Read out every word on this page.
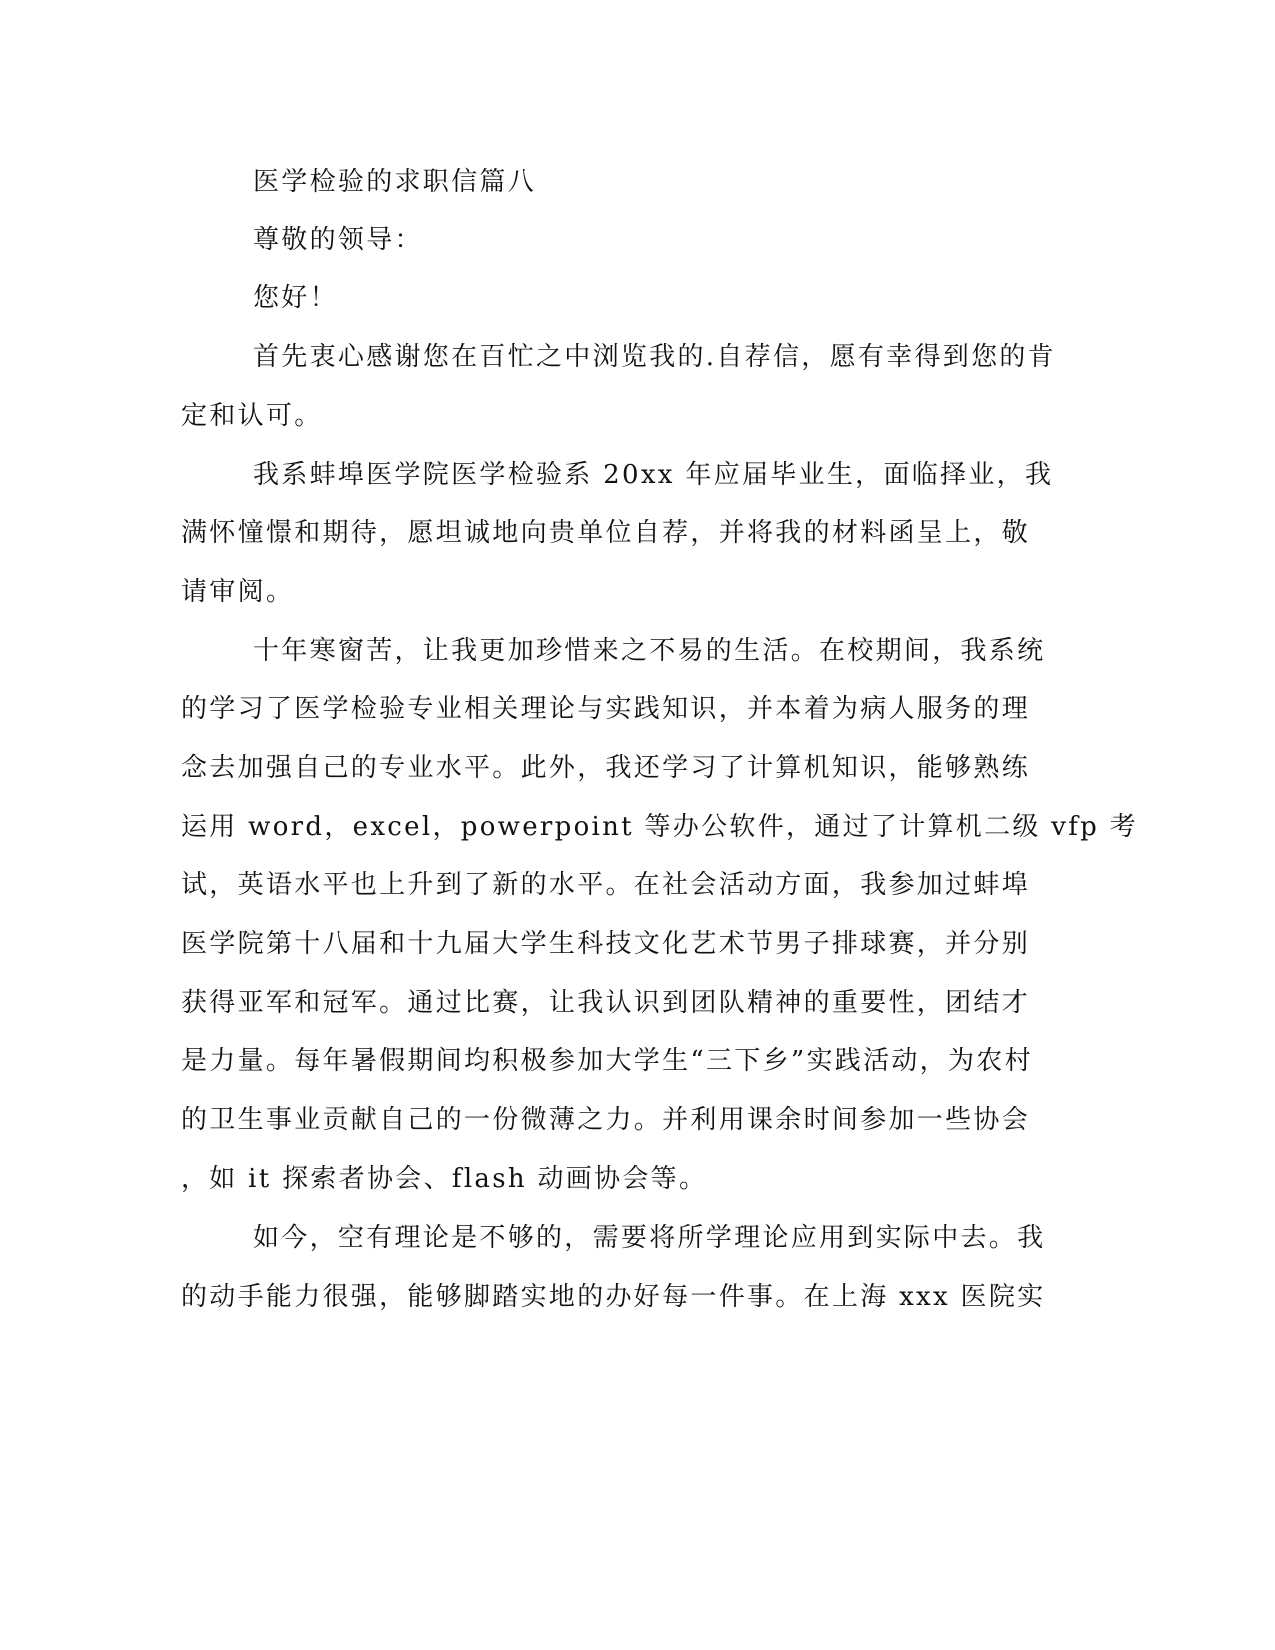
医学检验的求职信篇八

尊敬的领导：

您好！

首先衷心感谢您在百忙之中浏览我的.自荐信，愿有幸得到您的肯

定和认可。

我系蚌埠医学院医学检验系 20xx 年应届毕业生，面临择业，我

满怀憧憬和期待，愿坦诚地向贵单位自荐，并将我的材料函呈上，敬

请审阅。

十年寒窗苦，让我更加珍惜来之不易的生活。在校期间，我系统

的学习了医学检验专业相关理论与实践知识，并本着为病人服务的理

念去加强自己的专业水平。此外，我还学习了计算机知识，能够熟练

运用 word，excel，powerpoint 等办公软件，通过了计算机二级 vfp 考

试，英语水平也上升到了新的水平。在社会活动方面，我参加过蚌埠

医学院第十八届和十九届大学生科技文化艺术节男子排球赛，并分别

获得亚军和冠军。通过比赛，让我认识到团队精神的重要性，团结才

是力量。每年暑假期间均积极参加大学生“三下乡”实践活动，为农村

的卫生事业贡献自己的一份微薄之力。并利用课余时间参加一些协会

，如 it 探索者协会、flash 动画协会等。

如今，空有理论是不够的，需要将所学理论应用到实际中去。我

的动手能力很强，能够脚踏实地的办好每一件事。在上海 xxx 医院实
